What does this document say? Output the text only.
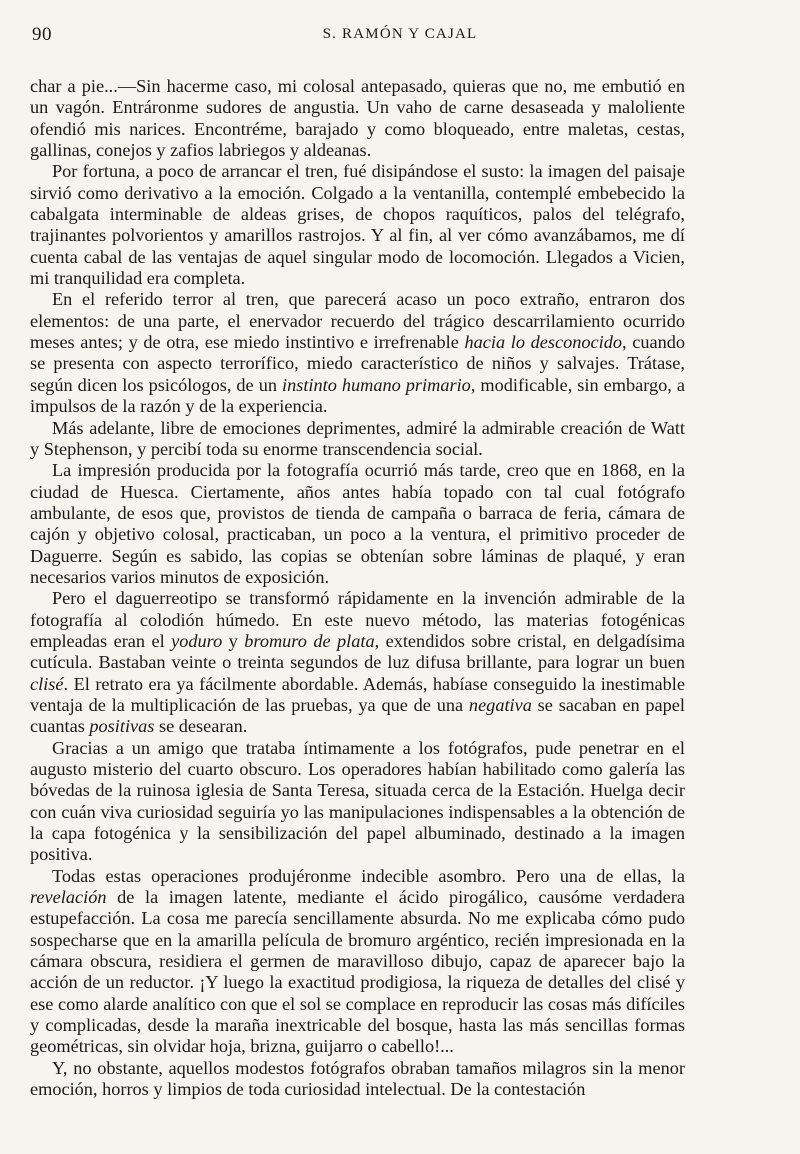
90	S. RAMÓN Y CAJAL

char a pie...—Sin hacerme caso, mi colosal antepasado, quieras que no, me embutió en un vagón. Entráronme sudores de angustia. Un vaho de carne desaseada y maloliente ofendió mis narices. Encontréme, barajado y como bloqueado, entre maletas, cestas, gallinas, conejos y zafios labriegos y aldeanas.

Por fortuna, a poco de arrancar el tren, fué disipándose el susto: la imagen del paisaje sirvió como derivativo a la emoción. Colgado a la ventanilla, contemplé embebecido la cabalgata interminable de aldeas grises, de chopos raquíticos, palos del telégrafo, trajinantes polvorientos y amarillos rastrojos. Y al fin, al ver cómo avanzábamos, me dí cuenta cabal de las ventajas de aquel singular modo de locomoción. Llegados a Vicien, mi tranquilidad era completa.

En el referido terror al tren, que parecerá acaso un poco extraño, entraron dos elementos: de una parte, el enervador recuerdo del trágico descarrilamiento ocurrido meses antes; y de otra, ese miedo instintivo e irrefrenable hacia lo desconocido, cuando se presenta con aspecto terrorífico, miedo característico de niños y salvajes. Trátase, según dicen los psicólogos, de un instinto humano primario, modificable, sin embargo, a impulsos de la razón y de la experiencia.

Más adelante, libre de emociones deprimentes, admiré la admirable creación de Watt y Stephenson, y percibí toda su enorme transcendencia social.

La impresión producida por la fotografía ocurrió más tarde, creo que en 1868, en la ciudad de Huesca. Ciertamente, años antes había topado con tal cual fotógrafo ambulante, de esos que, provistos de tienda de campaña o barraca de feria, cámara de cajón y objetivo colosal, practicaban, un poco a la ventura, el primitivo proceder de Daguerre. Según es sabido, las copias se obtenían sobre láminas de plaqué, y eran necesarios varios minutos de exposición.

Pero el daguerreotipo se transformó rápidamente en la invención admirable de la fotografía al colodión húmedo. En este nuevo método, las materias fotogénicas empleadas eran el yoduro y bromuro de plata, extendidos sobre cristal, en delgadísima cutícula. Bastaban veinte o treinta segundos de luz difusa brillante, para lograr un buen clisé. El retrato era ya fácilmente abordable. Además, habíase conseguido la inestimable ventaja de la multiplicación de las pruebas, ya que de una negativa se sacaban en papel cuantas positivas se desearan.

Gracias a un amigo que trataba íntimamente a los fotógrafos, pude penetrar en el augusto misterio del cuarto obscuro. Los operadores habían habilitado como galería las bóvedas de la ruinosa iglesia de Santa Teresa, situada cerca de la Estación. Huelga decir con cuán viva curiosidad seguiría yo las manipulaciones indispensables a la obtención de la capa fotogénica y la sensibilización del papel albuminado, destinado a la imagen positiva.

Todas estas operaciones produjéronme indecible asombro. Pero una de ellas, la revelación de la imagen latente, mediante el ácido pirogálico, causóme verdadera estupefacción. La cosa me parecía sencillamente absurda. No me explicaba cómo pudo sospecharse que en la amarilla película de bromuro argéntico, recién impresionada en la cámara obscura, residiera el germen de maravilloso dibujo, capaz de aparecer bajo la acción de un reductor. ¡Y luego la exactitud prodigiosa, la riqueza de detalles del clisé y ese como alarde analítico con que el sol se complace en reproducir las cosas más difíciles y complicadas, desde la maraña inextricable del bosque, hasta las más sencillas formas geométricas, sin olvidar hoja, brizna, guijarro o cabello!...

Y, no obstante, aquellos modestos fotógrafos obraban tamaños milagros sin la menor emoción, horros y limpios de toda curiosidad intelectual. De la contestación
